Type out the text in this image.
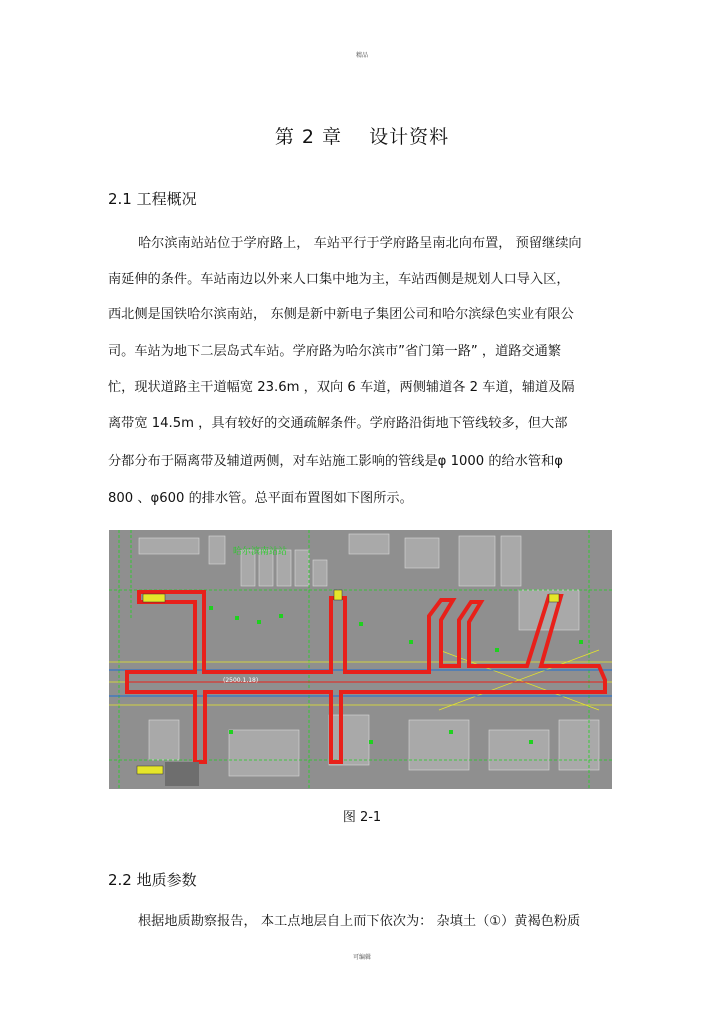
精品
第 2 章　 设计资料
2.1 工程概况
哈尔滨南站站位于学府路上， 车站平行于学府路呈南北向布置， 预留继续向
南延伸的条件。车站南边以外来人口集中地为主，车站西侧是规划人口导入区，
西北侧是国铁哈尔滨南站， 东侧是新中新电子集团公司和哈尔滨绿色实业有限公
司。车站为地下二层岛式车站。学府路为哈尔滨市”省门第一路” ，道路交通繁
忙，现状道路主干道幅宽 23.6m ，双向 6 车道，两侧辅道各 2 车道，辅道及隔
离带宽 14.5m ，具有较好的交通疏解条件。学府路沿街地下管线较多，但大部
分都分布于隔离带及辅道两侧，对车站施工影响的管线是φ 1000 的给水管和φ
800 、φ600 的排水管。总平面布置图如下图所示。
哈尔滨南站站
(2500.1,18)
图 2-1
2.2 地质参数
根据地质勘察报告， 本工点地层自上而下依次为： 杂填土（①）黄褐色粉质
可编辑
